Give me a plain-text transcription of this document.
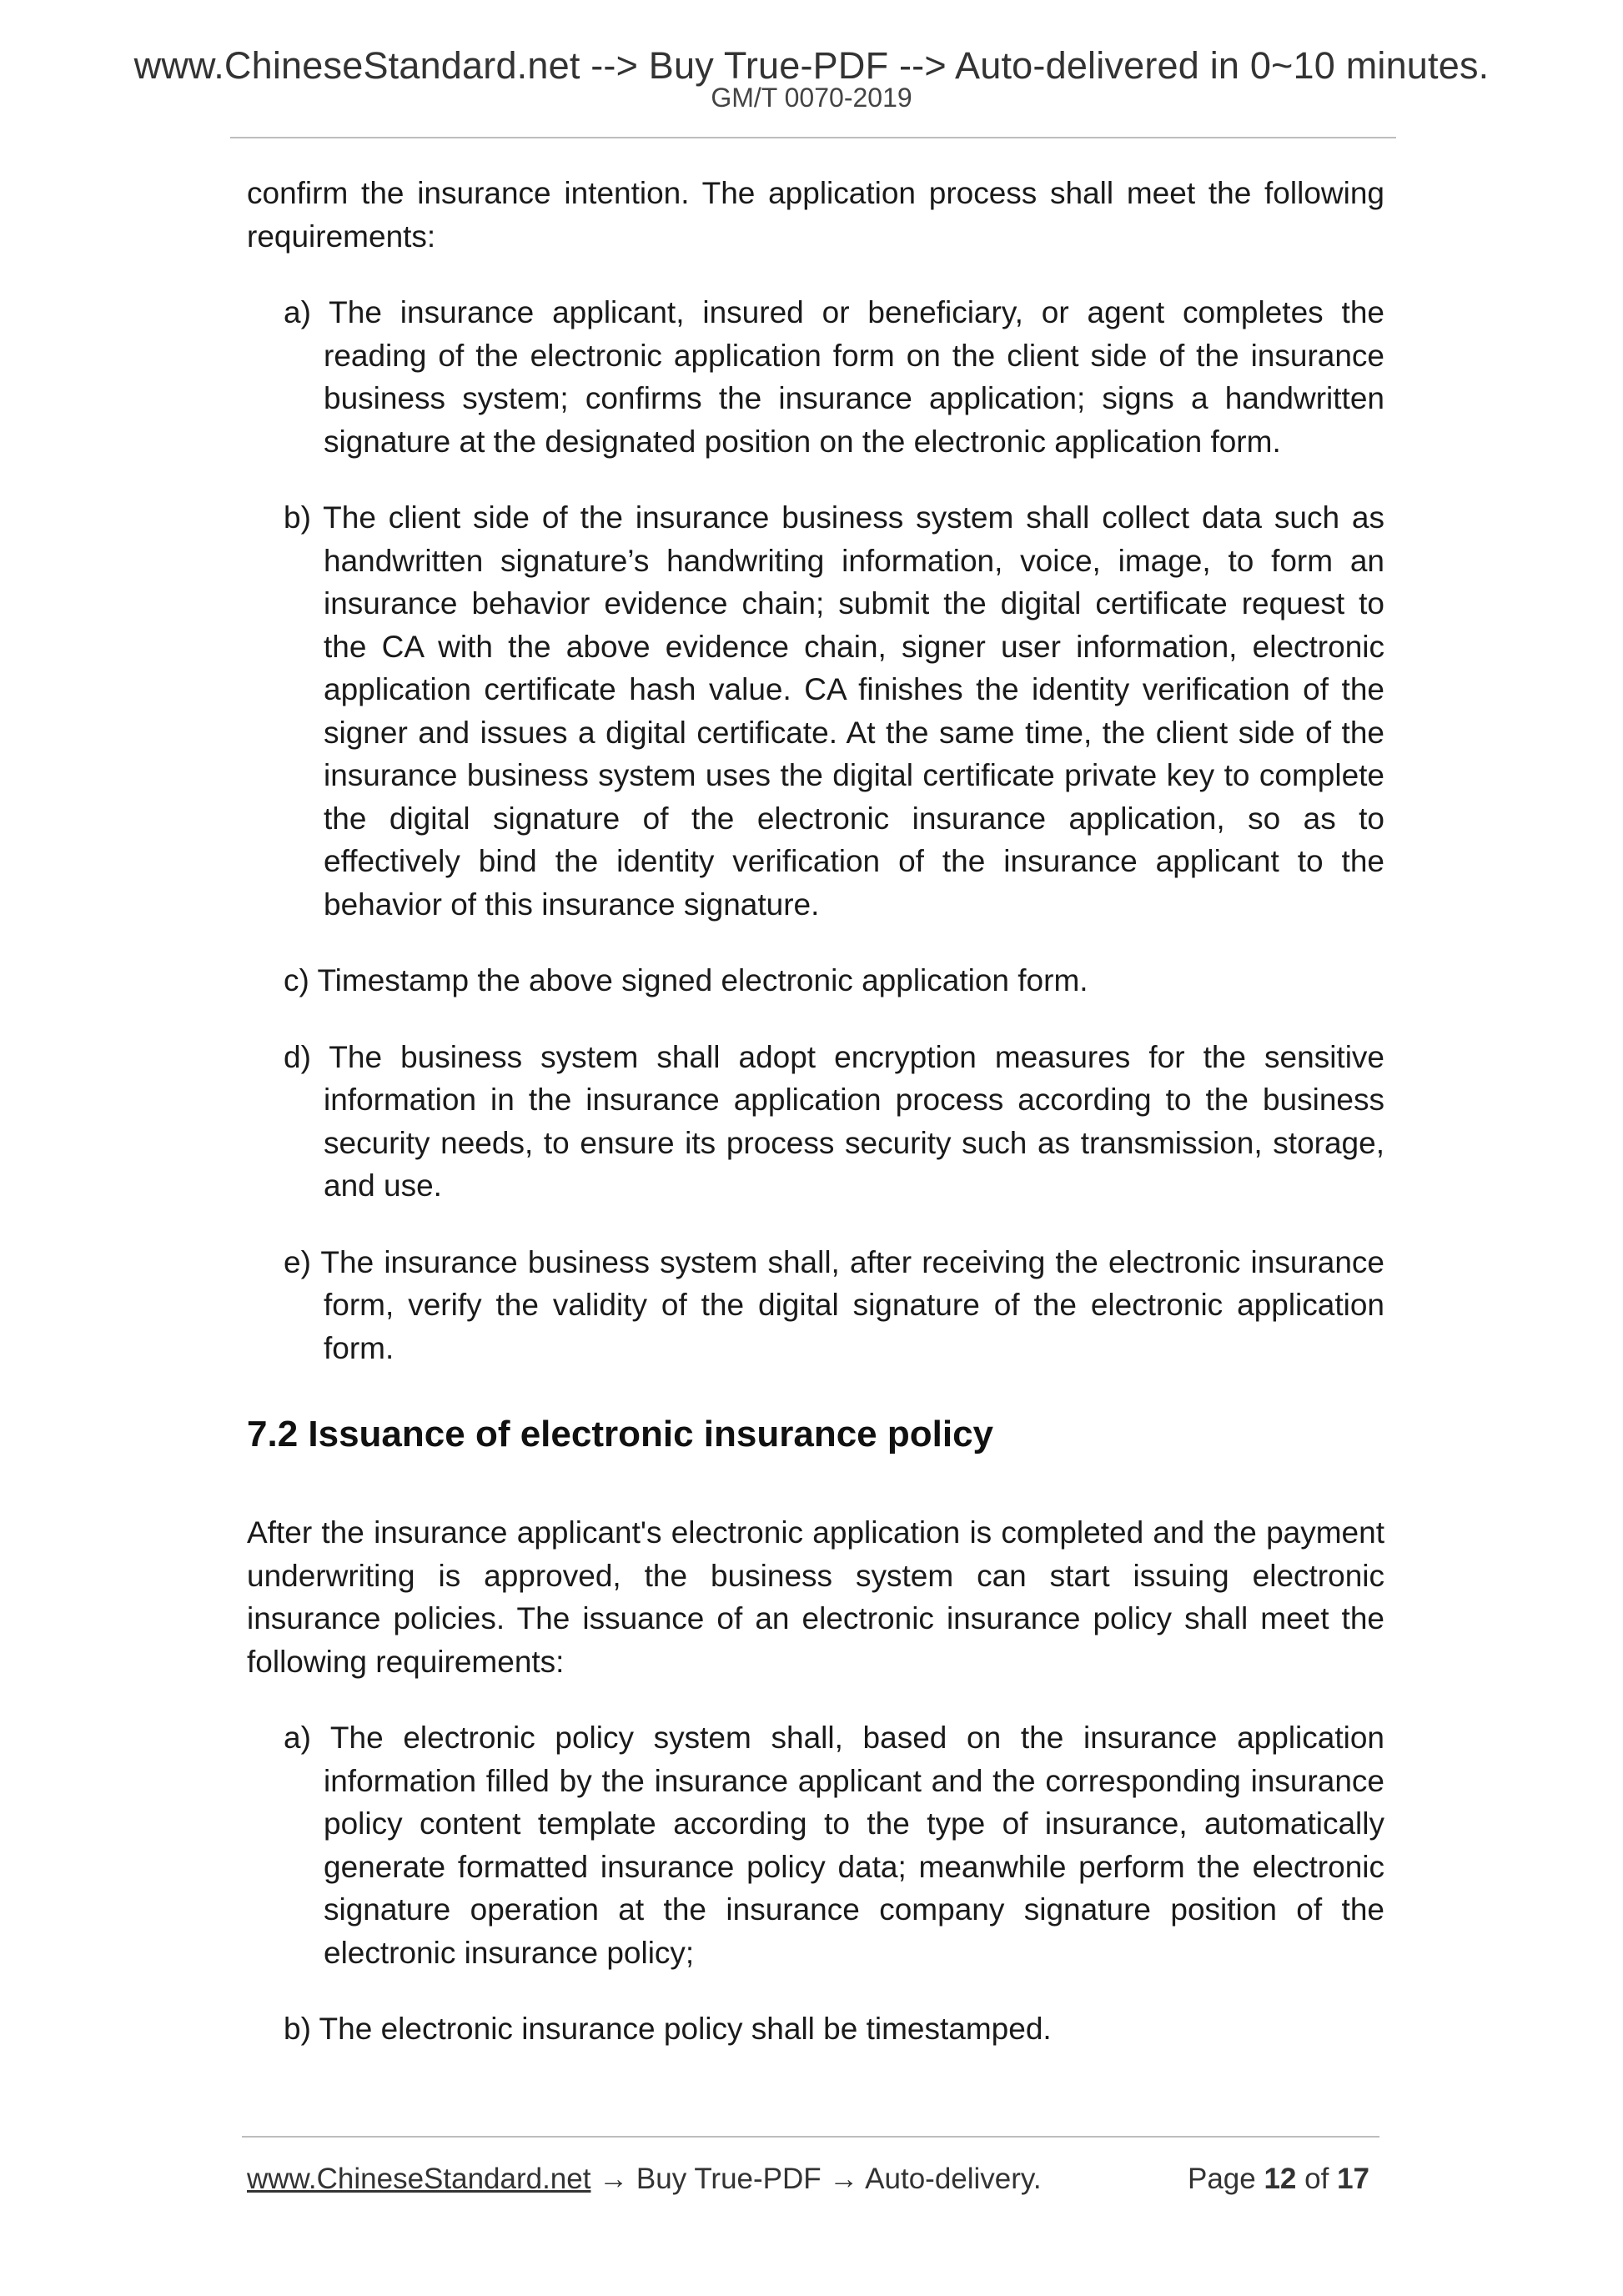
www.ChineseStandard.net --> Buy True-PDF --> Auto-delivered in 0~10 minutes.
GM/T 0070-2019

confirm the insurance intention. The application process shall meet the following requirements:

a) The insurance applicant, insured or beneficiary, or agent completes the reading of the electronic application form on the client side of the insurance business system; confirms the insurance application; signs a handwritten signature at the designated position on the electronic application form.

b) The client side of the insurance business system shall collect data such as handwritten signature’s handwriting information, voice, image, to form an insurance behavior evidence chain; submit the digital certificate request to the CA with the above evidence chain, signer user information, electronic application certificate hash value. CA finishes the identity verification of the signer and issues a digital certificate. At the same time, the client side of the insurance business system uses the digital certificate private key to complete the digital signature of the electronic insurance application, so as to effectively bind the identity verification of the insurance applicant to the behavior of this insurance signature.

c) Timestamp the above signed electronic application form.

d) The business system shall adopt encryption measures for the sensitive information in the insurance application process according to the business security needs, to ensure its process security such as transmission, storage, and use.

e) The insurance business system shall, after receiving the electronic insurance form, verify the validity of the digital signature of the electronic application form.

7.2 Issuance of electronic insurance policy

After the insurance applicant's electronic application is completed and the payment underwriting is approved, the business system can start issuing electronic insurance policies. The issuance of an electronic insurance policy shall meet the following requirements:

a) The electronic policy system shall, based on the insurance application information filled by the insurance applicant and the corresponding insurance policy content template according to the type of insurance, automatically generate formatted insurance policy data; meanwhile perform the electronic signature operation at the insurance company signature position of the electronic insurance policy;

b) The electronic insurance policy shall be timestamped.

www.ChineseStandard.net → Buy True-PDF → Auto-delivery.	Page 12 of 17
